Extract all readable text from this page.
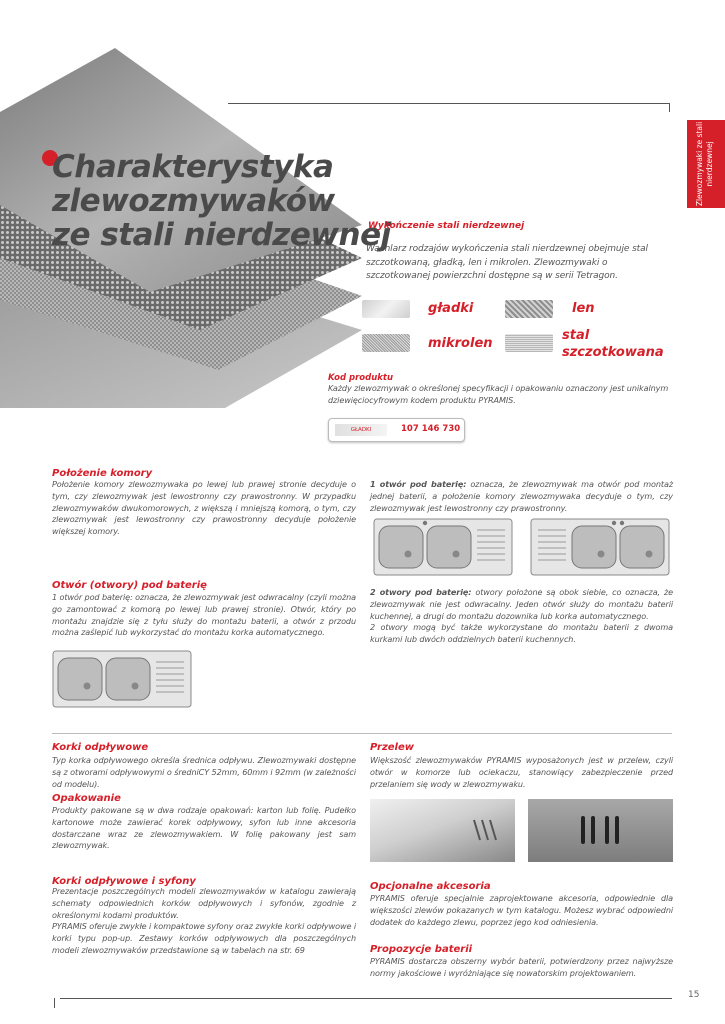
Charakterystyka zlewozmywaków
ze stali nierdzewnej
Zlewozmywaki ze stali nierdzewnej
Wykończenie stali nierdzewnej
Wachlarz rodzajów wykończenia stali nierdzewnej obejmuje stal szczotkowaną, gładką, len i mikrolen. Zlewozmywaki o szczotkowanej powierzchni dostępne są w serii Tetragon.
gładki	len
mikrolen
stal
szczotkowana
Kod produktu
Każdy zlewozmywak o określonej specyfikacji i opakowaniu oznaczony jest unikalnym dziewięciocyfrowym kodem produktu PYRAMIS.
GŁADKI	107 146 730
Położenie komory
Położenie komory zlewozmywaka po lewej lub prawej stronie decyduje o tym, czy zlewozmywak jest lewostronny czy prawostronny. W przypadku zlewozmywaków dwukomorowych, z większą i mniejszą komorą, o tym, czy zlewozmywak jest lewostronny czy prawostronny decyduje położenie większej komory.
Otwór (otwory) pod baterię
1 otwór pod baterię: oznacza, że zlewozmywak jest odwracalny (czyli można go zamontować z komorą po lewej lub prawej stronie). Otwór, który po montażu znajdzie się z tyłu służy do montażu baterii, a otwór z przodu można zaślepić lub wykorzystać do montażu korka automatycznego.
Korki odpływowe
Typ korka odpływowego określa średnica odpływu. Zlewozmywaki dostępne są z otworami odpływowymi o średniCY 52mm, 60mm i 92mm (w zależności od modelu).
Opakowanie
Produkty pakowane są w dwa rodzaje opakowań: karton lub folię. Pudełko kartonowe może zawierać korek odpływowy, syfon lub inne akcesoria dostarczane wraz ze zlewozmywakiem. W folię pakowany jest sam zlewozmywak.
Korki odpływowe i syfony
Prezentacje poszczególnych modeli zlewozmywaków w katalogu zawierają schematy odpowiednich korków odpływowych i syfonów, zgodnie z określonymi kodami produktów.
PYRAMIS oferuje zwykłe i kompaktowe syfony oraz zwykłe korki odpływowe i korki typu pop-up. Zestawy korków odpływowych dla poszczególnych modeli zlewozmywaków przedstawione są w tabelach na str. 69
1 otwór pod baterię: oznacza, że zlewozmywak ma otwór pod montaż jednej baterii, a położenie komory zlewozmywaka decyduje o tym, czy zlewozmywak jest lewostronny czy prawostronny.
2 otwory pod baterię: otwory położone są obok siebie, co oznacza, że zlewozmywak nie jest odwracalny. Jeden otwór służy do montażu baterii kuchennej, a drugi do montażu dozownika lub korka automatycznego.
2 otwory mogą być także wykorzystane do montażu baterii z dwoma kurkami lub dwóch oddzielnych baterii kuchennych.
Przelew
Większość zlewozmywaków PYRAMIS wyposażonych jest w przelew, czyli otwór w komorze lub ociekaczu, stanowiący zabezpieczenie przed przelaniem się wody w zlewozmywaku.
Opcjonalne akcesoria
PYRAMIS oferuje specjalnie zaprojektowane akcesoria, odpowiednie dla większości zlewów pokazanych w tym katalogu. Możesz wybrać odpowiedni dodatek do każdego zlewu, poprzez jego kod odniesienia.
Propozycje baterii
PYRAMIS dostarcza obszerny wybór baterii, potwierdzony przez najwyższe normy jakościowe i wyróżniające się nowatorskim projektowaniem.
15
